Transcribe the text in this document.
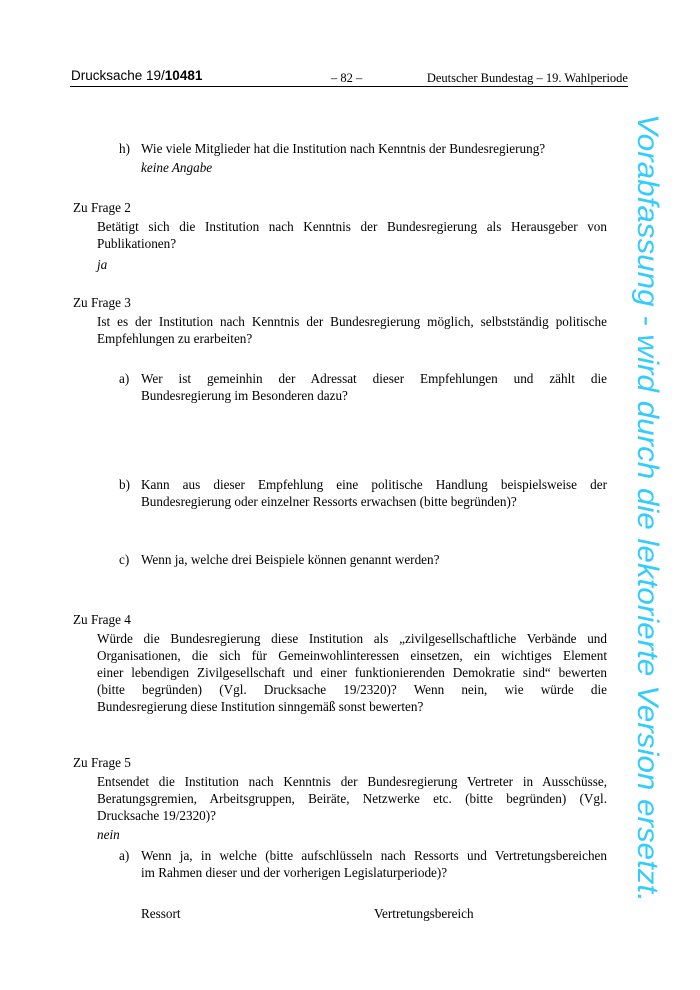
Drucksache 19/10481	– 82 –	Deutscher Bundestag – 19. Wahlperiode
h) Wie viele Mitglieder hat die Institution nach Kenntnis der Bundesregierung?
keine Angabe
Zu Frage 2
Betätigt sich die Institution nach Kenntnis der Bundesregierung als Herausgeber von
Publikationen?
ja
Zu Frage 3
Ist es der Institution nach Kenntnis der Bundesregierung möglich, selbstständig politische
Empfehlungen zu erarbeiten?
a) Wer ist gemeinhin der Adressat dieser Empfehlungen und zählt die
Bundesregierung im Besonderen dazu?
b) Kann aus dieser Empfehlung eine politische Handlung beispielsweise der
Bundesregierung oder einzelner Ressorts erwachsen (bitte begründen)?
c) Wenn ja, welche drei Beispiele können genannt werden?
Zu Frage 4
Würde die Bundesregierung diese Institution als „zivilgesellschaftliche Verbände und
Organisationen, die sich für Gemeinwohlinteressen einsetzen, ein wichtiges Element
einer lebendigen Zivilgesellschaft und einer funktionierenden Demokratie sind“ bewerten
(bitte begründen) (Vgl. Drucksache 19/2320)? Wenn nein, wie würde die
Bundesregierung diese Institution sinngemäß sonst bewerten?
Zu Frage 5
Entsendet die Institution nach Kenntnis der Bundesregierung Vertreter in Ausschüsse,
Beratungsgremien, Arbeitsgruppen, Beiräte, Netzwerke etc. (bitte begründen) (Vgl.
Drucksache 19/2320)?
nein
a) Wenn ja, in welche (bitte aufschlüsseln nach Ressorts und Vertretungsbereichen
im Rahmen dieser und der vorherigen Legislaturperiode)?
Ressort	Vertretungsbereich
Vorabfassung - wird durch die lektorierte Version ersetzt.
